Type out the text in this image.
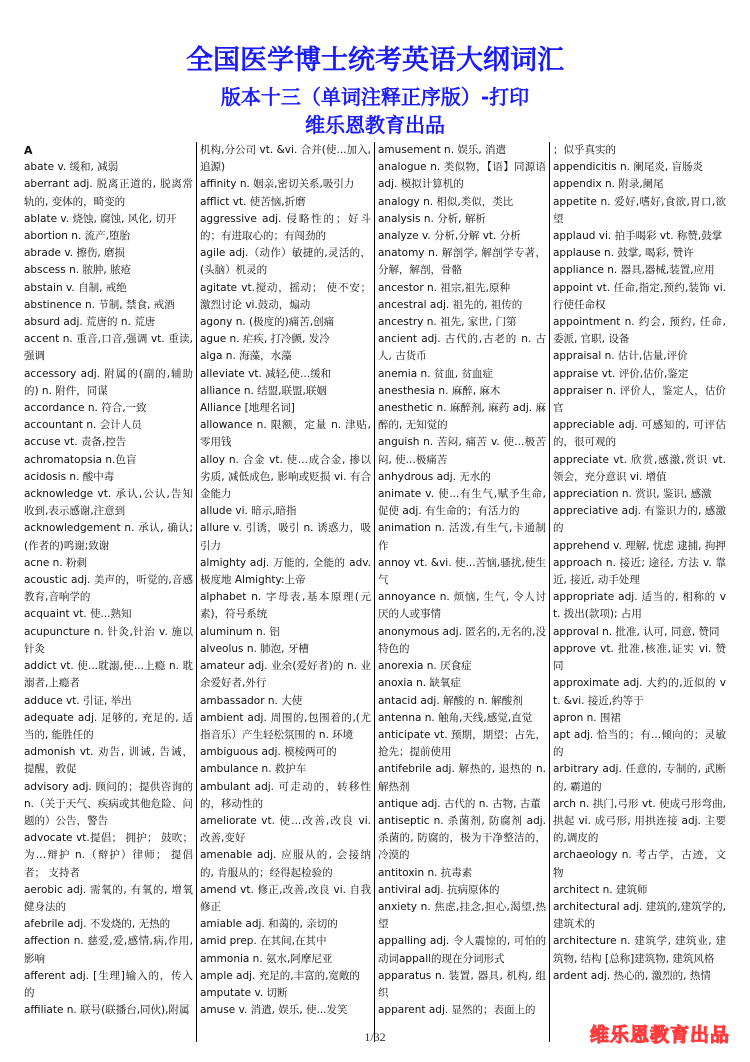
全国医学博士统考英语大纲词汇
版本十三（单词注释正序版）-打印
维乐恩教育出品

A

abate v. 缓和, 减弱

aberrant adj. 脱离正道的, 脱离常轨的, 变体的，畸变的

ablate v. 烧蚀, 腐蚀, 风化, 切开

abortion n. 流产,堕胎

abrade v. 擦伤, 磨损

abscess n. 脓肿, 脓疮

abstain v. 自制, 戒绝

abstinence n. 节制, 禁食, 戒酒

absurd adj. 荒唐的 n. 荒唐

accent n. 重音,口音,强调 vt. 重读,强调

accessory adj. 附属的(副的,辅助的) n. 附件，同谋

accordance n. 符合,一致

accountant n. 会计人员

accuse vt. 责备,控告

achromatopsia n.色盲

acidosis n. 酸中毒

acknowledge vt. 承认,公认,告知收到,表示感谢,注意到

acknowledgement n. 承认, 确认;(作者的)鸣谢;致谢

acne n. 粉刺

acoustic adj. 美声的，听觉的,音感教育,音响学的

acquaint vt. 使...熟知

acupuncture n. 针灸,针治 v. 施以针灸

addict vt. 使...耽溺,使...上瘾 n. 耽溺者,上瘾者

adduce vt. 引证, 举出

adequate adj. 足够的, 充足的, 适当的, 能胜任的

admonish vt. 劝告, 训诫, 告诫，提醒，敦促

advisory adj. 顾问的；提供咨询的 n.（关于天气、疾病或其他危险、问题的）公告，警告

advocate vt.提倡； 拥护； 鼓吹；为…辩护 n.（辩护）律师； 提倡者； 支持者

aerobic adj. 需氧的, 有氧的, 增氧健身法的

afebrile adj. 不发烧的, 无热的

affection n. 慈爱,爱,感情,病,作用,影响

afferent adj. [生理]输入的，传入的

affiliate n. 联号(联播台,同伙),附属

机构,分公司 vt. &vi. 合并(使...加入,追源)

affinity n. 姻亲,密切关系,吸引力

afflict vt. 使苦恼,折磨

aggressive adj. 侵略性的；好斗的；有进取心的；有闯劲的

agile adj.（动作）敏捷的,灵活的，(头脑）机灵的

agitate vt.搅动，摇动； 使不安；激烈讨论 vi.鼓动，煽动

agony n. (极度的)痛苦,创痛

ague n. 疟疾, 打冷颤, 发冷

alga n. 海藻，水藻

alleviate vt. 减轻,使...缓和

alliance n. 结盟,联盟,联姻

Alliance [地理名词]

allowance n. 限额，定量 n. 津贴,零用钱

alloy n. 合金 vt. 使...成合金, 掺以劣质, 减低成色, 影响或贬损 vi. 有合金能力

allude vi. 暗示,暗指

allure v. 引诱，吸引 n. 诱惑力，吸引力

almighty adj. 万能的, 全能的 adv. 极度地 Almighty:上帝

alphabet n. 字母表,基本原理(元素)，符号系统

aluminum n. 铝

alveolus n. 肺泡, 牙槽

amateur adj. 业余(爱好者)的 n. 业余爱好者,外行

ambassador n. 大使

ambient adj. 周围的,包围着的,(尤指音乐）产生轻松氛围的 n. 环境

ambiguous adj. 模棱两可的

ambulance n. 救护车

ambulant adj. 可走动的，转移性的，移动性的

ameliorate vt. 使...改善,改良 vi. 改善,变好

amenable adj. 应服从的, 会接纳的, 肯服从的；经得起检验的

amend vt. 修正,改善,改良 vi. 自我修正

amiable adj. 和蔼的, 亲切的

amid prep. 在其间,在其中

ammonia n. 氨水,阿摩尼亚

ample adj. 充足的,丰富的,宽敞的

amputate v. 切断

amuse v. 消遣, 娱乐, 使...发笑

amusement n. 娱乐, 消遣

analogue n. 类似物，【语】同源语 adj. 模拟计算机的

analogy n. 相似,类似，类比

analysis n. 分析, 解析

analyze v. 分析,分解 vt. 分析

anatomy n. 解剖学, 解剖学专著，分解，解剖，骨骼

ancestor n. 祖宗,祖先,原种

ancestral adj. 祖先的, 祖传的

ancestry n. 祖先, 家世, 门第

ancient adj. 古代的,古老的 n. 古人, 古货币

anemia n. 贫血, 贫血症

anesthesia n. 麻醉, 麻木

anesthetic n. 麻醉剂, 麻药 adj. 麻醉的, 无知觉的

anguish n. 苦闷, 痛苦 v. 使...极苦闷, 使...极痛苦

anhydrous adj. 无水的

animate v. 使...有生气,赋予生命,促使 adj. 有生命的；有活力的

animation n. 活泼,有生气,卡通制作

annoy vt. &vi. 使...苦恼,骚扰,使生气

annoyance n. 烦恼, 生气, 令人讨厌的人或事情

anonymous adj. 匿名的,无名的,没特色的

anorexia n. 厌食症

anoxia n. 缺氧症

antacid adj. 解酸的 n. 解酸剂

antenna n. 触角,天线,感觉,直觉

anticipate vt. 预期，期望；占先，抢先；提前使用

antifebrile adj. 解热的, 退热的 n. 解热剂

antique adj. 古代的 n. 古物, 古董

antiseptic n. 杀菌剂, 防腐剂 adj. 杀菌的, 防腐的，极为干净整洁的，冷漠的

antitoxin n. 抗毒素

antiviral adj. 抗病原体的

anxiety n. 焦虑,挂念,担心,渴望,热望

appalling adj. 令人震惊的, 可怕的 动词appall的现在分词形式

apparatus n. 装置, 器具, 机构, 组织

apparent adj. 显然的；表面上的

；似乎真实的

appendicitis n. 阑尾炎, 盲肠炎

appendix n. 附录,阑尾

appetite n. 爱好,嗜好,食欲,胃口,欲望

applaud vi. 拍手喝彩 vt. 称赞,鼓掌

applause n. 鼓掌, 喝彩, 赞许

appliance n. 器具,器械,装置,应用

appoint vt. 任命,指定,预约,装饰 vi. 行使任命权

appointment n. 约会, 预约, 任命, 委派, 官职, 设备

appraisal n. 估计,估量,评价

appraise vt. 评价,估价,鉴定

appraiser n. 评价人，鉴定人，估价官

appreciable adj. 可感知的, 可评估的，很可观的

appreciate vt. 欣赏,感激,赏识 vt. 领会，充分意识 vi. 增值

appreciation n. 赏识, 鉴识, 感激

appreciative adj. 有鉴识力的, 感激的

apprehend v. 理解, 忧虑 逮捕, 拘押

approach n. 接近; 途径, 方法 v. 靠近, 接近, 动手处理

appropriate adj. 适当的, 相称的 vt. 拨出(款项); 占用

approval n. 批准, 认可, 同意, 赞同

approve vt. 批准,核准,证实 vi. 赞同

approximate adj. 大约的,近似的 vt. &vi. 接近,约等于

apron n. 围裙

apt adj. 恰当的；有...倾向的；灵敏的

arbitrary adj. 任意的, 专制的, 武断的, 霸道的

arch n. 拱门,弓形 vt. 使成弓形弯曲, 拱起 vi. 成弓形, 用拱连接 adj. 主要的,调皮的

archaeology n. 考古学，古迹，文物

architect n. 建筑师

architectural adj. 建筑的,建筑学的,建筑术的

architecture n. 建筑学, 建筑业, 建筑物, 结构 [总称]建筑物, 建筑风格

ardent adj. 热心的, 激烈的, 热情

1/32	维乐恩教育出品
